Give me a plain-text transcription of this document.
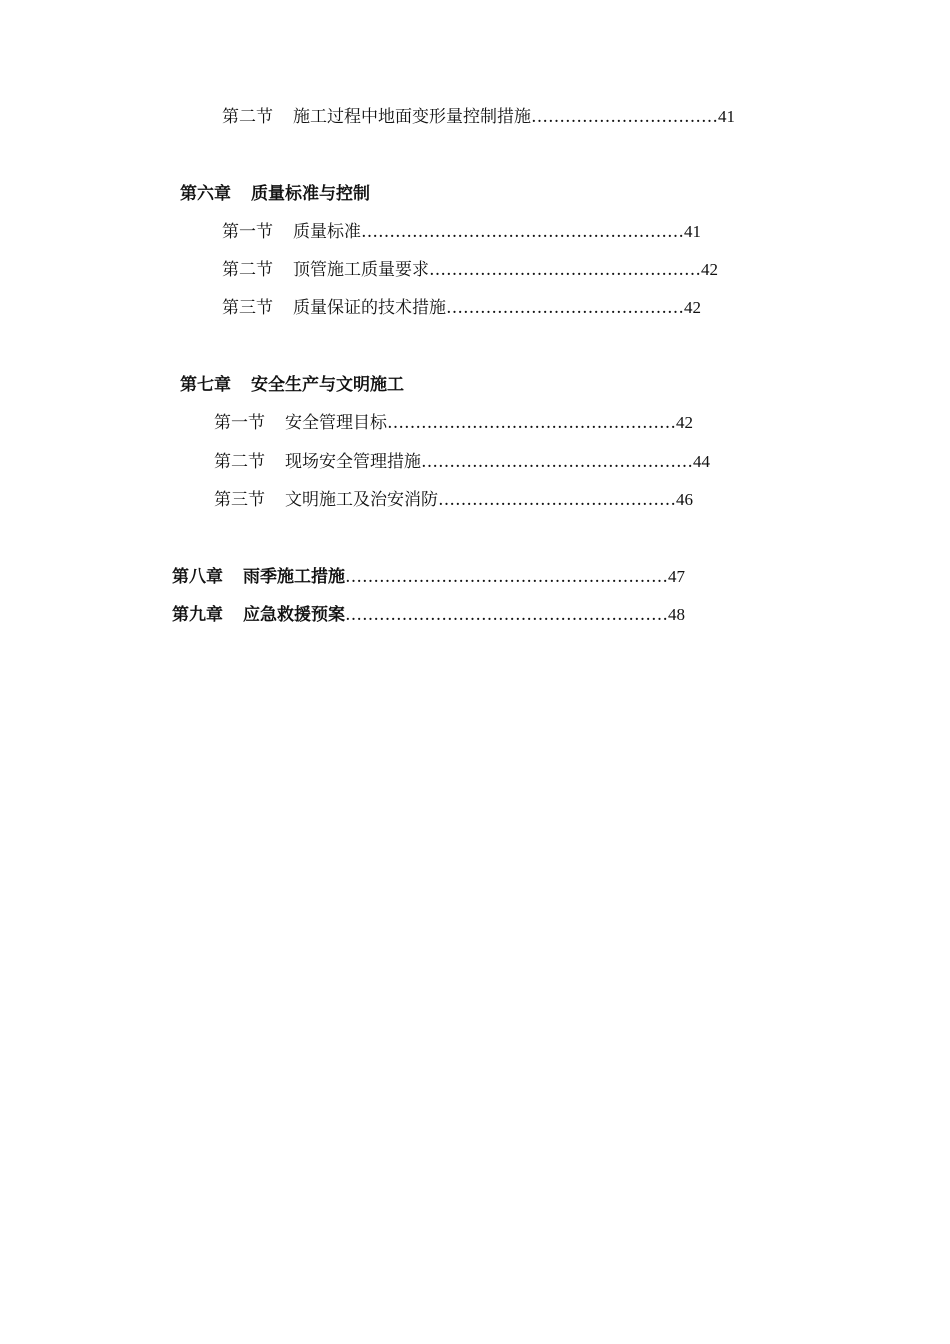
第二节 施工过程中地面变形量控制措施……………………………41
第六章 质量标准与控制
第一节 质量标准…………………………………………………41
第二节 顶管施工质量要求…………………………………………42
第三节 质量保证的技术措施……………………………………42
第七章 安全生产与文明施工
第一节 安全管理目标……………………………………………42
第二节 现场安全管理措施…………………………………………44
第三节 文明施工及治安消防……………………………………46
第八章 雨季施工措施…………………………………………………47
第九章 应急救援预案…………………………………………………48
